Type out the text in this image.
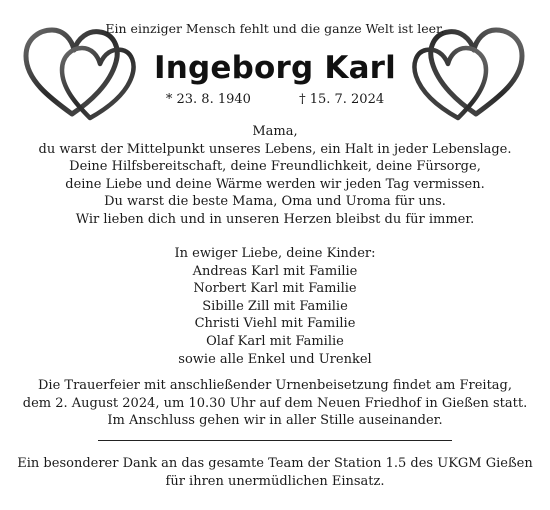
Ein einziger Mensch fehlt und die ganze Welt ist leer.
Ingeborg Karl
* 23. 8. 1940	† 15. 7. 2024
Mama,
du warst der Mittelpunkt unseres Lebens, ein Halt in jeder Lebenslage.
Deine Hilfsbereitschaft, deine Freundlichkeit, deine Fürsorge,
deine Liebe und deine Wärme werden wir jeden Tag vermissen.
Du warst die beste Mama, Oma und Uroma für uns.
Wir lieben dich und in unseren Herzen bleibst du für immer.
In ewiger Liebe, deine Kinder:
Andreas Karl mit Familie
Norbert Karl mit Familie
Sibille Zill mit Familie
Christi Viehl mit Familie
Olaf Karl mit Familie
sowie alle Enkel und Urenkel
Die Trauerfeier mit anschließender Urnenbeisetzung findet am Freitag,
dem 2. August 2024, um 10.30 Uhr auf dem Neuen Friedhof in Gießen statt.
Im Anschluss gehen wir in aller Stille auseinander.
Ein besonderer Dank an das gesamte Team der Station 1.5 des UKGM Gießen
für ihren unermüdlichen Einsatz.
